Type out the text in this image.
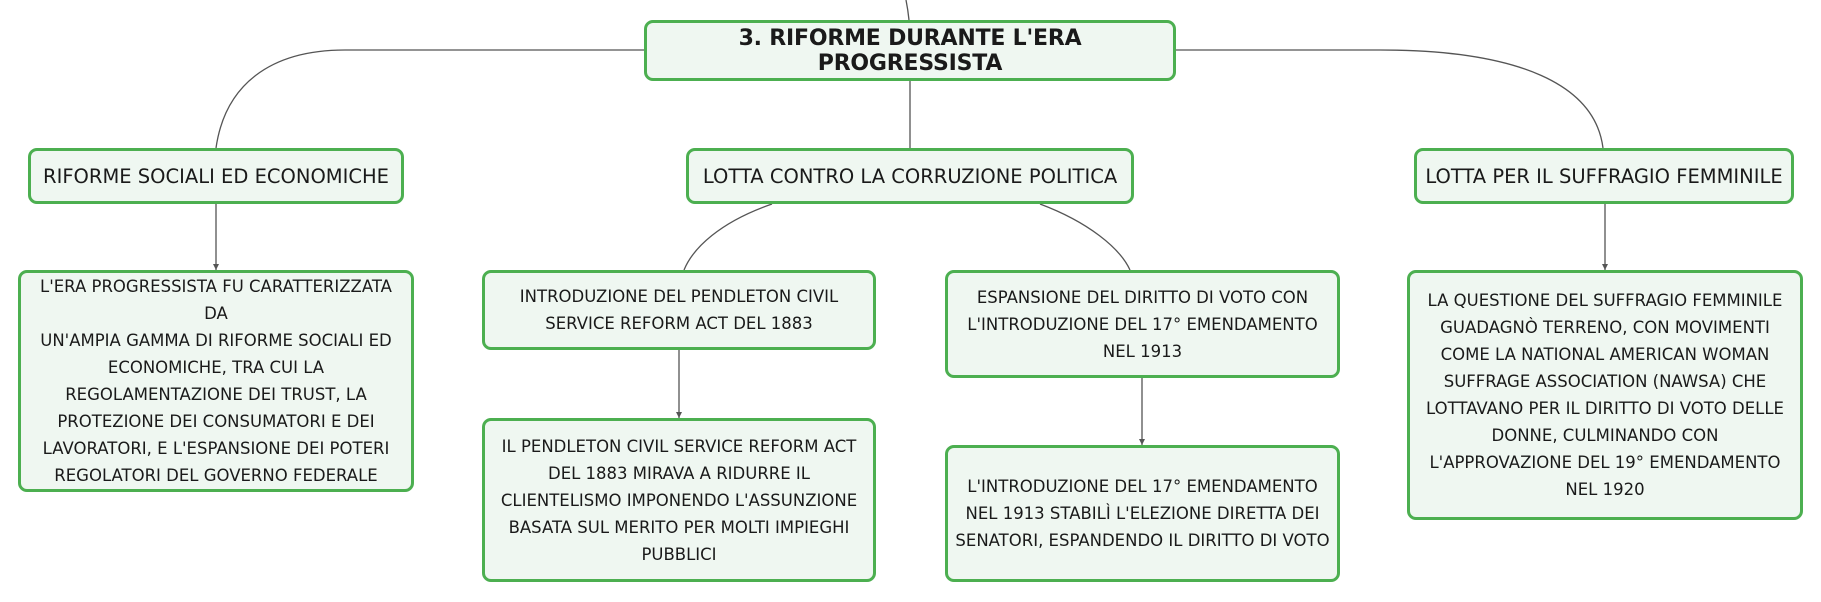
3. RIFORME DURANTE L'ERA PROGRESSISTA
RIFORME SOCIALI ED ECONOMICHE	LOTTA CONTRO LA CORRUZIONE POLITICA	LOTTA PER IL SUFFRAGIO FEMMINILE
L'ERA PROGRESSISTA FU CARATTERIZZATA DA
UN'AMPIA GAMMA DI RIFORME SOCIALI ED
ECONOMICHE, TRA CUI LA
REGOLAMENTAZIONE DEI TRUST, LA
PROTEZIONE DEI CONSUMATORI E DEI
LAVORATORI, E L'ESPANSIONE DEI POTERI
REGOLATORI DEL GOVERNO FEDERALE
INTRODUZIONE DEL PENDLETON CIVIL
SERVICE REFORM ACT DEL 1883
IL PENDLETON CIVIL SERVICE REFORM ACT
DEL 1883 MIRAVA A RIDURRE IL
CLIENTELISMO IMPONENDO L'ASSUNZIONE
BASATA SUL MERITO PER MOLTI IMPIEGHI
PUBBLICI
ESPANSIONE DEL DIRITTO DI VOTO CON
L'INTRODUZIONE DEL 17° EMENDAMENTO
NEL 1913
L'INTRODUZIONE DEL 17° EMENDAMENTO
NEL 1913 STABILÌ L'ELEZIONE DIRETTA DEI
SENATORI, ESPANDENDO IL DIRITTO DI VOTO
LA QUESTIONE DEL SUFFRAGIO FEMMINILE
GUADAGNÒ TERRENO, CON MOVIMENTI
COME LA NATIONAL AMERICAN WOMAN
SUFFRAGE ASSOCIATION (NAWSA) CHE
LOTTAVANO PER IL DIRITTO DI VOTO DELLE
DONNE, CULMINANDO CON
L'APPROVAZIONE DEL 19° EMENDAMENTO
NEL 1920
